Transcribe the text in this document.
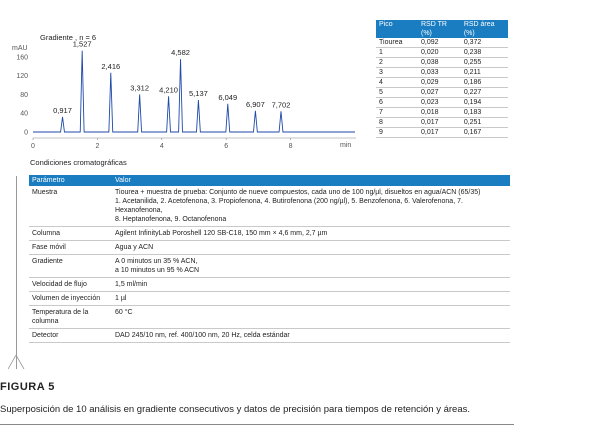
Gradiente , n = 6
mAU
min
0
40
80
120
160
0	2	4	6	8
0,917
1,527
2,416
3,312 4,210
4,582
5,137 6,049
6,907 7,702
Pico	RSD TR (%)	RSD área (%)
Tiourea	0,092	0,372
1	0,020	0,238
2	0,038	0,255
3	0,033	0,211
4	0,029	0,186
5	0,027	0,227
6	0,023	0,194
7	0,018	0,183
8	0,017	0,251
9	0,017	0,167
Condiciones cromatográficas
Parámetro	Valor
Muestra	Tiourea + muestra de prueba: Conjunto de nueve compuestos, cada uno de 100 ng/µl, disueltos en agua/ACN (65/35)
1. Acetanilida, 2. Acetofenona, 3. Propiofenona, 4. Butirofenona (200 ng/µl), 5. Benzofenona, 6. Valerofenona, 7. Hexanofenona,
8. Heptanofenona, 9. Octanofenona
Columna	Agilent InfinityLab Poroshell 120 SB-C18, 150 mm × 4,6 mm, 2,7 µm
Fase móvil	Agua y ACN
Gradiente	A 0 minutos un 35 % ACN,
a 10 minutos un 95 % ACN
Velocidad de flujo	1,5 ml/min
Volumen de inyección	1 µl
Temperatura de la columna	60 °C
Detector	DAD 245/10 nm, ref. 400/100 nm, 20 Hz, celda estándar
FIGURA 5
Superposición de 10 análisis en gradiente consecutivos y datos de precisión para tiempos de retención y áreas.
